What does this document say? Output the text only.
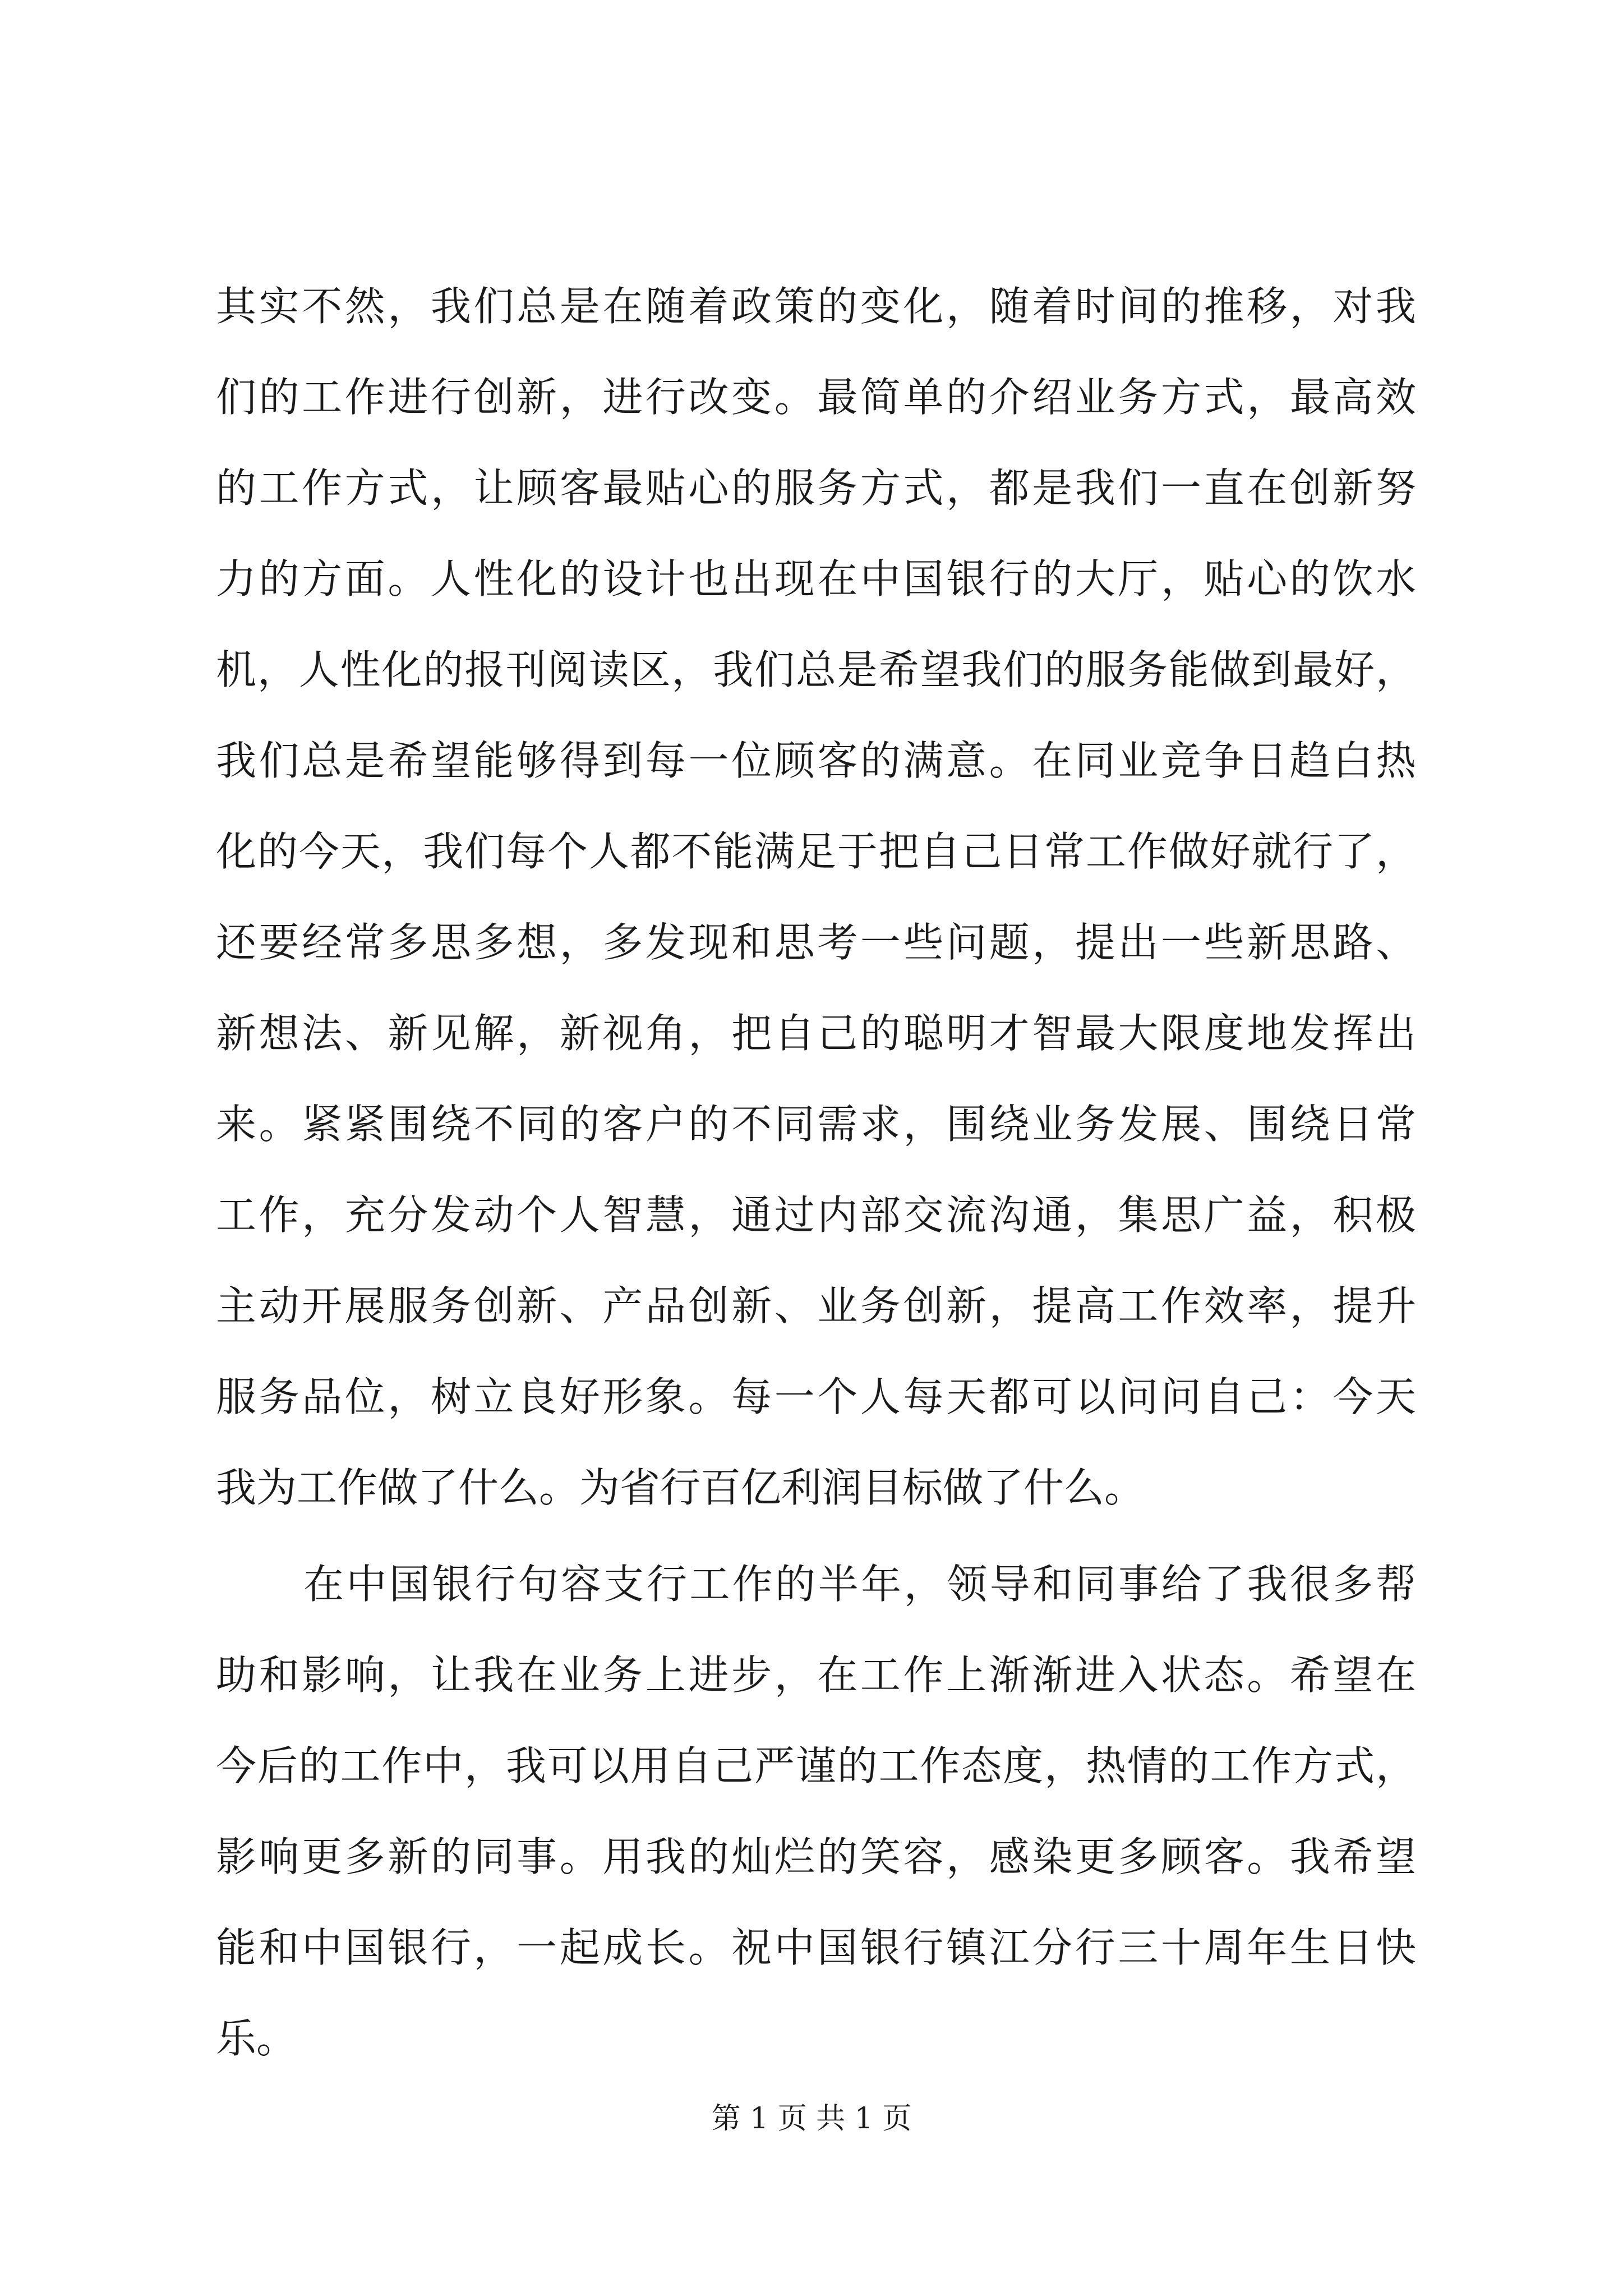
其实不然，我们总是在随着政策的变化，随着时间的推移，对我
们的工作进行创新，进行改变。最简单的介绍业务方式，最高效
的工作方式，让顾客最贴心的服务方式，都是我们一直在创新努
力的方面。人性化的设计也出现在中国银行的大厅，贴心的饮水
机，人性化的报刊阅读区，我们总是希望我们的服务能做到最好，
我们总是希望能够得到每一位顾客的满意。在同业竞争日趋白热
化的今天，我们每个人都不能满足于把自己日常工作做好就行了，
还要经常多思多想，多发现和思考一些问题，提出一些新思路、
新想法、新见解，新视角，把自己的聪明才智最大限度地发挥出
来。紧紧围绕不同的客户的不同需求，围绕业务发展、围绕日常
工作，充分发动个人智慧，通过内部交流沟通，集思广益，积极
主动开展服务创新、产品创新、业务创新，提高工作效率，提升
服务品位，树立良好形象。每一个人每天都可以问问自己：今天
我为工作做了什么。为省行百亿利润目标做了什么。
在中国银行句容支行工作的半年，领导和同事给了我很多帮
助和影响，让我在业务上进步，在工作上渐渐进入状态。希望在
今后的工作中，我可以用自己严谨的工作态度，热情的工作方式，
影响更多新的同事。用我的灿烂的笑容，感染更多顾客。我希望
能和中国银行，一起成长。祝中国银行镇江分行三十周年生日快
乐。
第 1 页 共 1 页
